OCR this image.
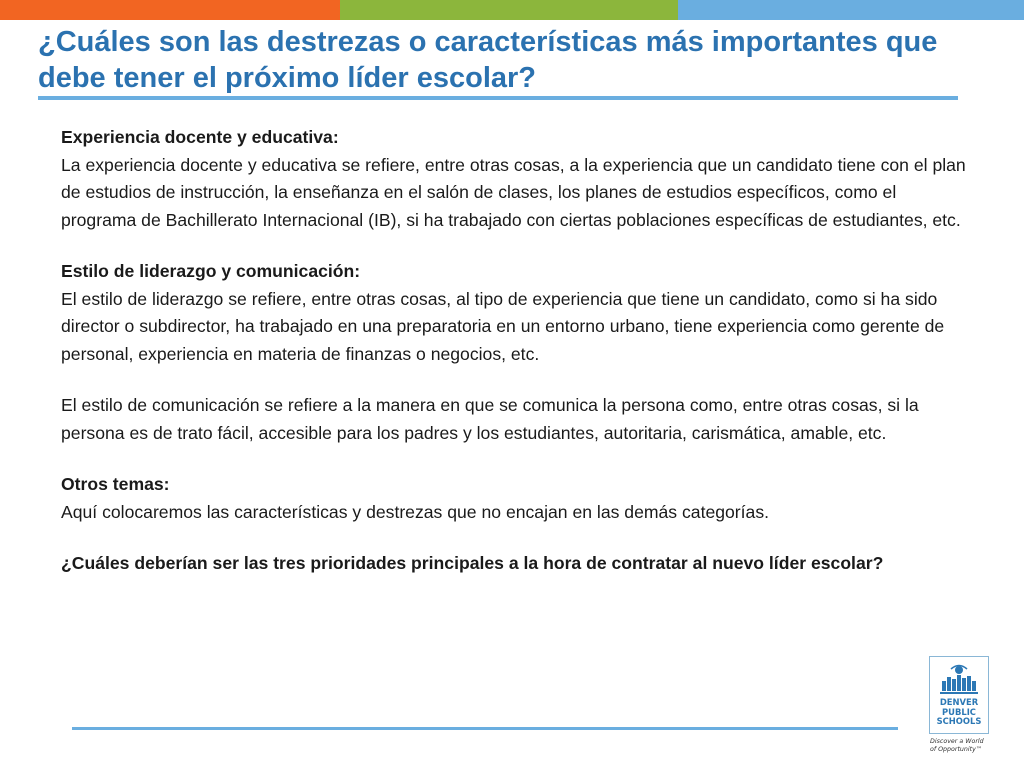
¿Cuáles son las destrezas o características más importantes que debe tener el próximo líder escolar?

Experiencia docente y educativa:

La experiencia docente y educativa se refiere, entre otras cosas, a la experiencia que un candidato tiene con el plan de estudios de instrucción, la enseñanza en el salón de clases, los planes de estudios específicos, como el programa de Bachillerato Internacional (IB), si ha trabajado con ciertas poblaciones específicas de estudiantes, etc.

Estilo de liderazgo y comunicación:

El estilo de liderazgo se refiere, entre otras cosas, al tipo de experiencia que tiene un candidato, como si ha sido director o subdirector, ha trabajado en una preparatoria en un entorno urbano, tiene experiencia como gerente de personal, experiencia en materia de finanzas o negocios, etc.

El estilo de comunicación se refiere a la manera en que se comunica la persona como, entre otras cosas, si la persona es de trato fácil, accesible para los padres y los estudiantes, autoritaria, carismática, amable, etc.

Otros temas:

Aquí colocaremos las características y destrezas que no encajan en las demás categorías.

¿Cuáles deberían ser las tres prioridades principales a la hora de contratar al nuevo líder escolar?

DENVER
PUBLIC
SCHOOLS
Discover a World
of Opportunity™
